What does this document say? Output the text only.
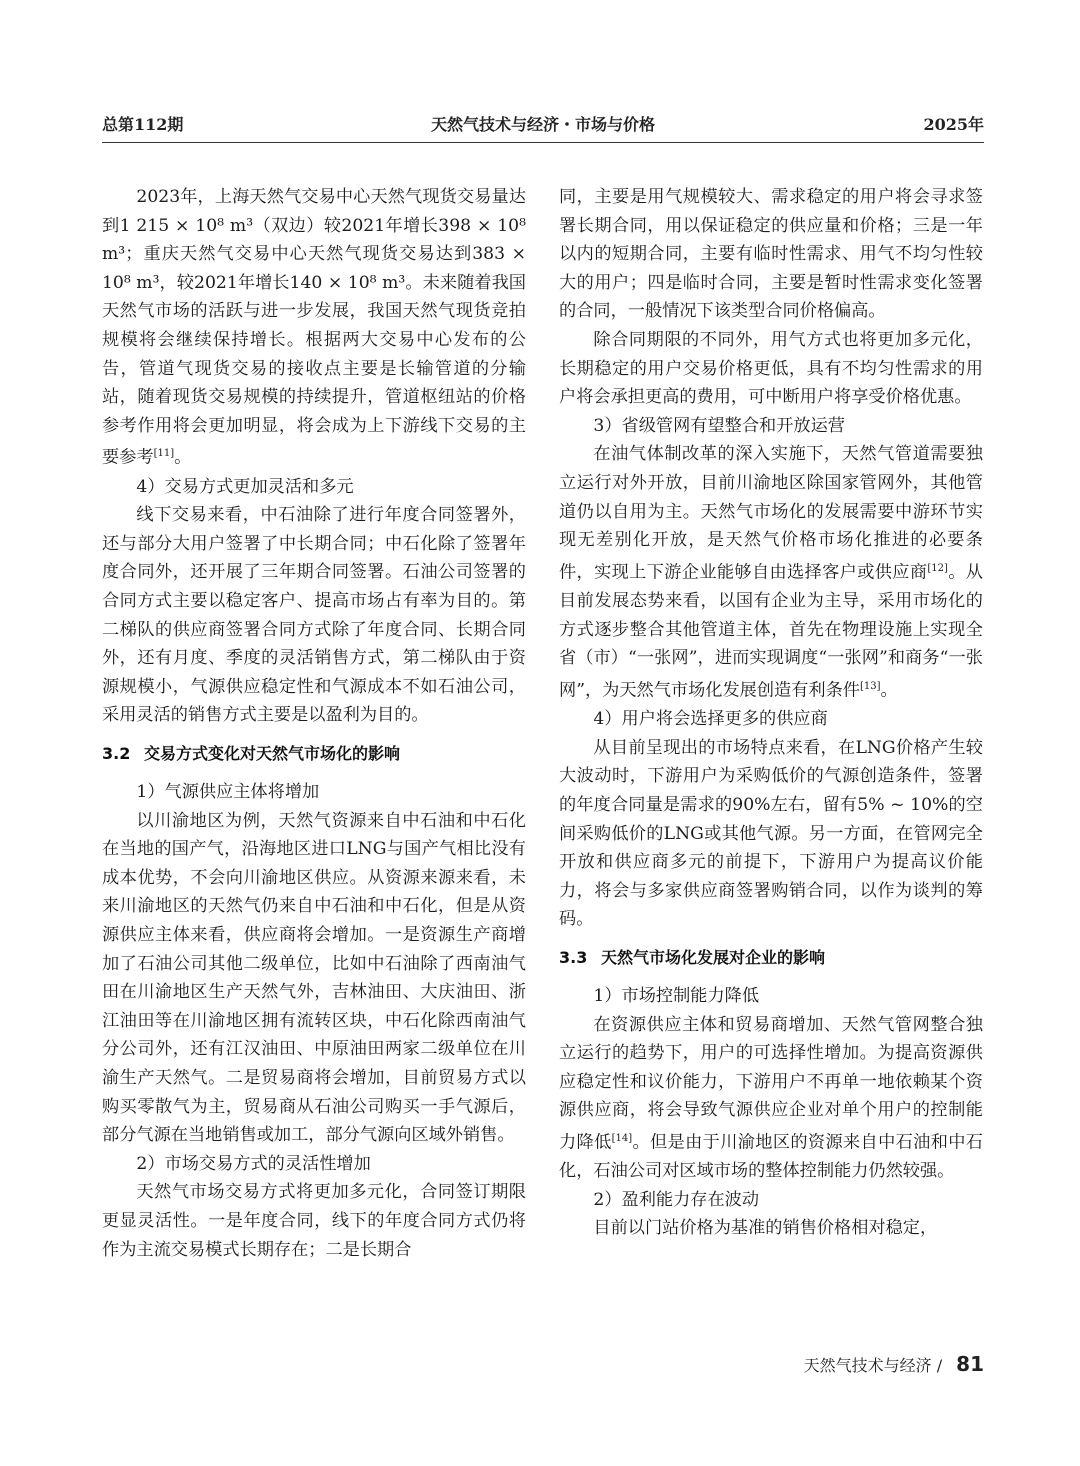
总第112期	天然气技术与经济・市场与价格	2025年

2023年，上海天然气交易中心天然气现货交易量达到1 215 × 10⁸ m³（双边）较2021年增长398 × 10⁸ m³；重庆天然气交易中心天然气现货交易达到383 × 10⁸ m³，较2021年增长140 × 10⁸ m³。未来随着我国天然气市场的活跃与进一步发展，我国天然气现货竞拍规模将会继续保持增长。根据两大交易中心发布的公告，管道气现货交易的接收点主要是长输管道的分输站，随着现货交易规模的持续提升，管道枢纽站的价格参考作用将会更加明显，将会成为上下游线下交易的主要参考[11]。

4）交易方式更加灵活和多元

线下交易来看，中石油除了进行年度合同签署外，还与部分大用户签署了中长期合同；中石化除了签署年度合同外，还开展了三年期合同签署。石油公司签署的合同方式主要以稳定客户、提高市场占有率为目的。第二梯队的供应商签署合同方式除了年度合同、长期合同外，还有月度、季度的灵活销售方式，第二梯队由于资源规模小，气源供应稳定性和气源成本不如石油公司，采用灵活的销售方式主要是以盈利为目的。

3.2 交易方式变化对天然气市场化的影响

1）气源供应主体将增加

以川渝地区为例，天然气资源来自中石油和中石化在当地的国产气，沿海地区进口LNG与国产气相比没有成本优势，不会向川渝地区供应。从资源来源来看，未来川渝地区的天然气仍来自中石油和中石化，但是从资源供应主体来看，供应商将会增加。一是资源生产商增加了石油公司其他二级单位，比如中石油除了西南油气田在川渝地区生产天然气外，吉林油田、大庆油田、浙江油田等在川渝地区拥有流转区块，中石化除西南油气分公司外，还有江汉油田、中原油田两家二级单位在川渝生产天然气。二是贸易商将会增加，目前贸易方式以购买零散气为主，贸易商从石油公司购买一手气源后，部分气源在当地销售或加工，部分气源向区域外销售。

2）市场交易方式的灵活性增加

天然气市场交易方式将更加多元化，合同签订期限更显灵活性。一是年度合同，线下的年度合同方式仍将作为主流交易模式长期存在；二是长期合

同，主要是用气规模较大、需求稳定的用户将会寻求签署长期合同，用以保证稳定的供应量和价格；三是一年以内的短期合同，主要有临时性需求、用气不均匀性较大的用户；四是临时合同，主要是暂时性需求变化签署的合同，一般情况下该类型合同价格偏高。

除合同期限的不同外，用气方式也将更加多元化，长期稳定的用户交易价格更低，具有不均匀性需求的用户将会承担更高的费用，可中断用户将享受价格优惠。

3）省级管网有望整合和开放运营

在油气体制改革的深入实施下，天然气管道需要独立运行对外开放，目前川渝地区除国家管网外，其他管道仍以自用为主。天然气市场化的发展需要中游环节实现无差别化开放，是天然气价格市场化推进的必要条件，实现上下游企业能够自由选择客户或供应商[12]。从目前发展态势来看，以国有企业为主导，采用市场化的方式逐步整合其他管道主体，首先在物理设施上实现全省（市）“一张网”，进而实现调度“一张网”和商务“一张网”，为天然气市场化发展创造有利条件[13]。

4）用户将会选择更多的供应商

从目前呈现出的市场特点来看，在LNG价格产生较大波动时，下游用户为采购低价的气源创造条件，签署的年度合同量是需求的90%左右，留有5% ~ 10%的空间采购低价的LNG或其他气源。另一方面，在管网完全开放和供应商多元的前提下，下游用户为提高议价能力，将会与多家供应商签署购销合同，以作为谈判的筹码。

3.3 天然气市场化发展对企业的影响

1）市场控制能力降低

在资源供应主体和贸易商增加、天然气管网整合独立运行的趋势下，用户的可选择性增加。为提高资源供应稳定性和议价能力，下游用户不再单一地依赖某个资源供应商，将会导致气源供应企业对单个用户的控制能力降低[14]。但是由于川渝地区的资源来自中石油和中石化，石油公司对区域市场的整体控制能力仍然较强。

2）盈利能力存在波动

目前以门站价格为基准的销售价格相对稳定，

天然气技术与经济 / 81
